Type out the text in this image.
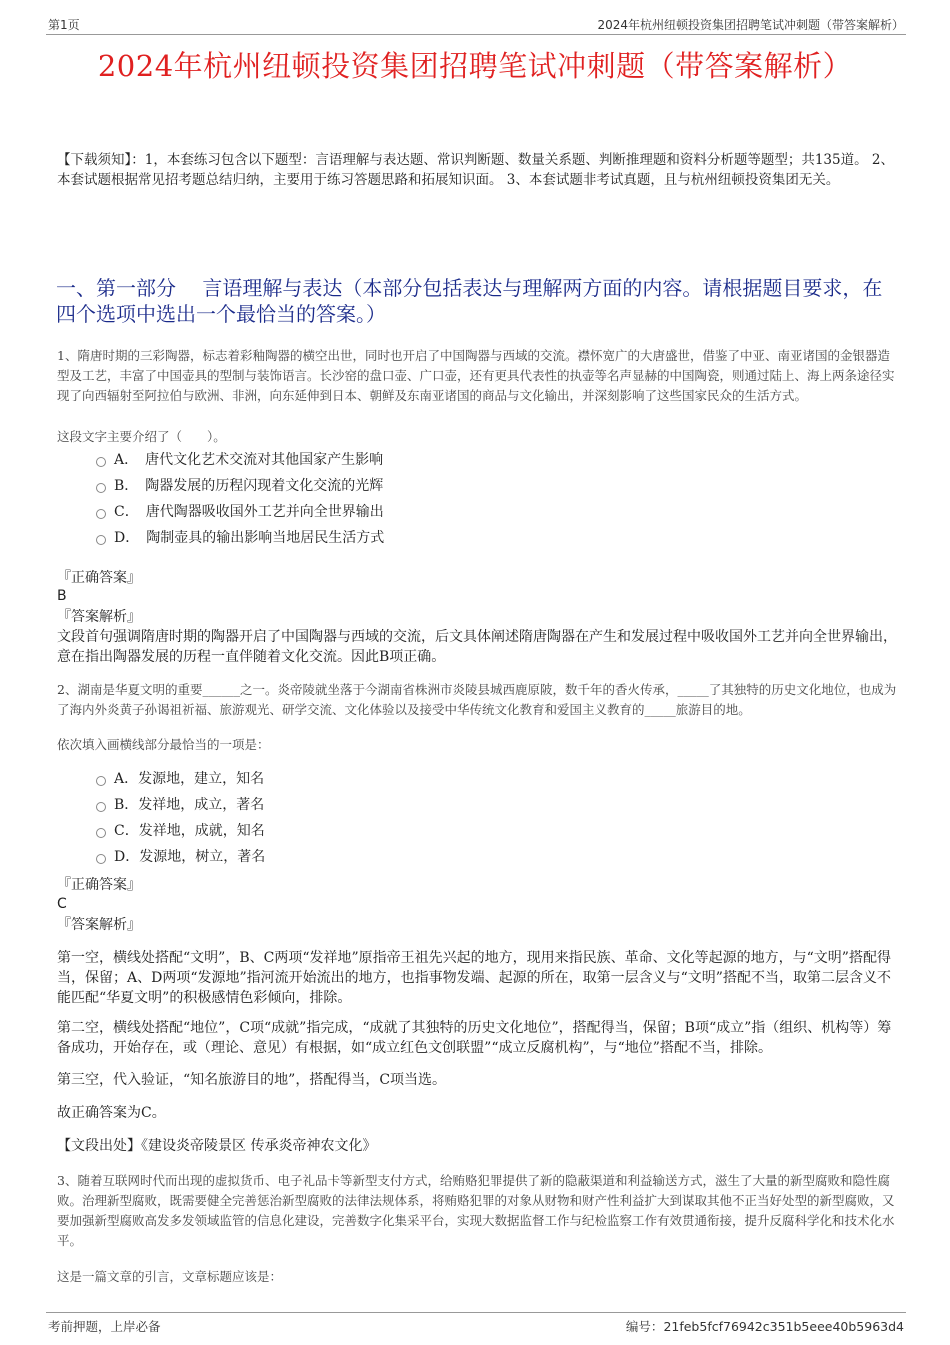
第1页	2024年杭州纽顿投资集团招聘笔试冲刺题（带答案解析）
2024年杭州纽顿投资集团招聘笔试冲刺题（带答案解析）
【下载须知】：1，本套练习包含以下题型：言语理解与表达题、常识判断题、数量关系题、判断推理题和资料分析题等题型；共135道。 2、本套试题根据常见招考题总结归纳，主要用于练习答题思路和拓展知识面。 3、本套试题非考试真题，且与杭州纽顿投资集团无关。
一、第一部分　 言语理解与表达（本部分包括表达与理解两方面的内容。请根据题目要求，在四个选项中选出一个最恰当的答案。）
1、隋唐时期的三彩陶器，标志着彩釉陶器的横空出世，同时也开启了中国陶器与西域的交流。襟怀宽广的大唐盛世，借鉴了中亚、南亚诸国的金银器造型及工艺，丰富了中国壶具的型制与装饰语言。长沙窑的盘口壶、广口壶，还有更具代表性的执壶等名声显赫的中国陶瓷，则通过陆上、海上两条途径实现了向西辐射至阿拉伯与欧洲、非洲，向东延伸到日本、朝鲜及东南亚诸国的商品与文化输出，并深刻影响了这些国家民众的生活方式。
这段文字主要介绍了（　　）。
A．　唐代文化艺术交流对其他国家产生影响
B．　陶器发展的历程闪现着文化交流的光辉
C．　唐代陶器吸收国外工艺并向全世界输出
D．　陶制壶具的输出影响当地居民生活方式
『正确答案』
B
『答案解析』
文段首句强调隋唐时期的陶器开启了中国陶器与西域的交流，后文具体阐述隋唐陶器在产生和发展过程中吸收国外工艺并向全世界输出，意在指出陶器发展的历程一直伴随着文化交流。因此B项正确。
2、湖南是华夏文明的重要______之一。炎帝陵就坐落于今湖南省株洲市炎陵县城西鹿原陂，数千年的香火传承，_____了其独特的历史文化地位，也成为了海内外炎黄子孙谒祖祈福、旅游观光、研学交流、文化体验以及接受中华传统文化教育和爱国主义教育的_____旅游目的地。
依次填入画横线部分最恰当的一项是：
A．发源地，建立，知名
B．发祥地，成立，著名
C．发祥地，成就，知名
D．发源地，树立，著名
『正确答案』
C
『答案解析』
第一空，横线处搭配“文明”，B、C两项“发祥地”原指帝王祖先兴起的地方，现用来指民族、革命、文化等起源的地方，与“文明”搭配得当，保留；A、D两项“发源地”指河流开始流出的地方，也指事物发端、起源的所在，取第一层含义与“文明”搭配不当，取第二层含义不能匹配“华夏文明”的积极感情色彩倾向，排除。
第二空，横线处搭配“地位”，C项“成就”指完成，“成就了其独特的历史文化地位”，搭配得当，保留；B项“成立”指（组织、机构等）筹备成功，开始存在，或（理论、意见）有根据，如“成立红色文创联盟”“成立反腐机构”，与“地位”搭配不当，排除。
第三空，代入验证，“知名旅游目的地”，搭配得当，C项当选。
故正确答案为C。
【文段出处】《建设炎帝陵景区 传承炎帝神农文化》
3、随着互联网时代而出现的虚拟货币、电子礼品卡等新型支付方式，给贿赂犯罪提供了新的隐蔽渠道和利益输送方式，滋生了大量的新型腐败和隐性腐败。治理新型腐败，既需要健全完善惩治新型腐败的法律法规体系，将贿赂犯罪的对象从财物和财产性利益扩大到谋取其他不正当好处型的新型腐败，又要加强新型腐败高发多发领域监管的信息化建设，完善数字化集采平台，实现大数据监督工作与纪检监察工作有效贯通衔接，提升反腐科学化和技术化水平。
这是一篇文章的引言，文章标题应该是：
考前押题，上岸必备	编号：21feb5fcf76942c351b5eee40b5963d4
